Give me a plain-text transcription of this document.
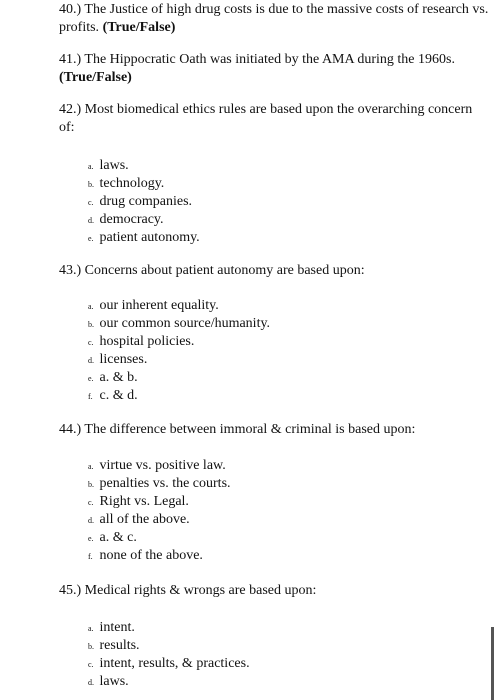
40.) The Justice of high drug costs is due to the massive costs of research vs. profits. (True/False)
41.) The Hippocratic Oath was initiated by the AMA during the 1960s. (True/False)
42.) Most biomedical ethics rules are based upon the overarching concern of:
a. laws.
b. technology.
c. drug companies.
d. democracy.
e. patient autonomy.
43.) Concerns about patient autonomy are based upon:
a. our inherent equality.
b. our common source/humanity.
c. hospital policies.
d. licenses.
e. a. & b.
f. c. & d.
44.) The difference between immoral & criminal is based upon:
a. virtue vs. positive law.
b. penalties vs. the courts.
c. Right vs. Legal.
d. all of the above.
e. a. & c.
f. none of the above.
45.) Medical rights & wrongs are based upon:
a. intent.
b. results.
c. intent, results, & practices.
d. laws.
